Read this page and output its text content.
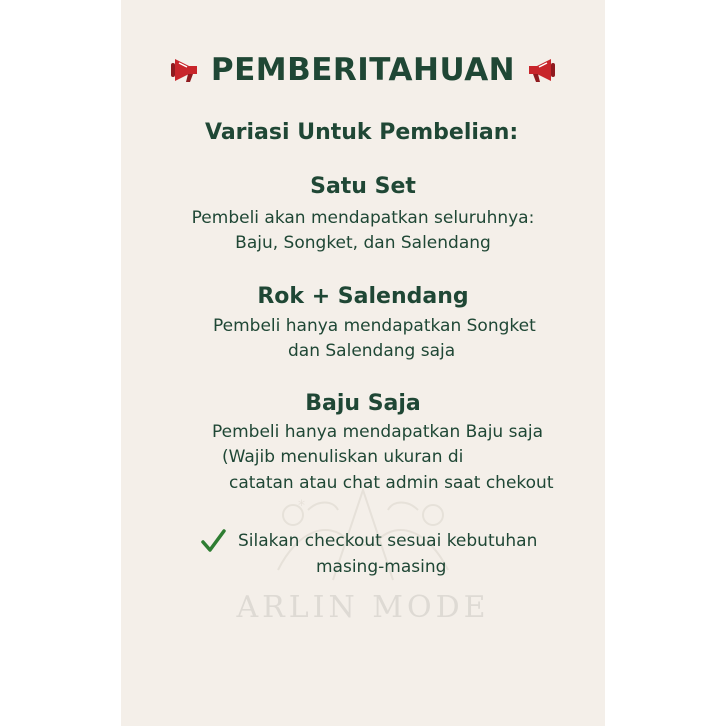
*
PEMBERITAHUAN
Variasi Untuk Pembelian:
Satu Set
Pembeli akan mendapatkan seluruhnya:
Baju, Songket, dan Salendang
Rok + Salendang
Pembeli hanya mendapatkan Songket
dan Salendang saja
Baju Saja
Pembeli hanya mendapatkan Baju saja
(Wajib menuliskan ukuran di
catatan atau chat admin saat chekout
Silakan checkout sesuai kebutuhan
masing-masing
ARLIN MODE
